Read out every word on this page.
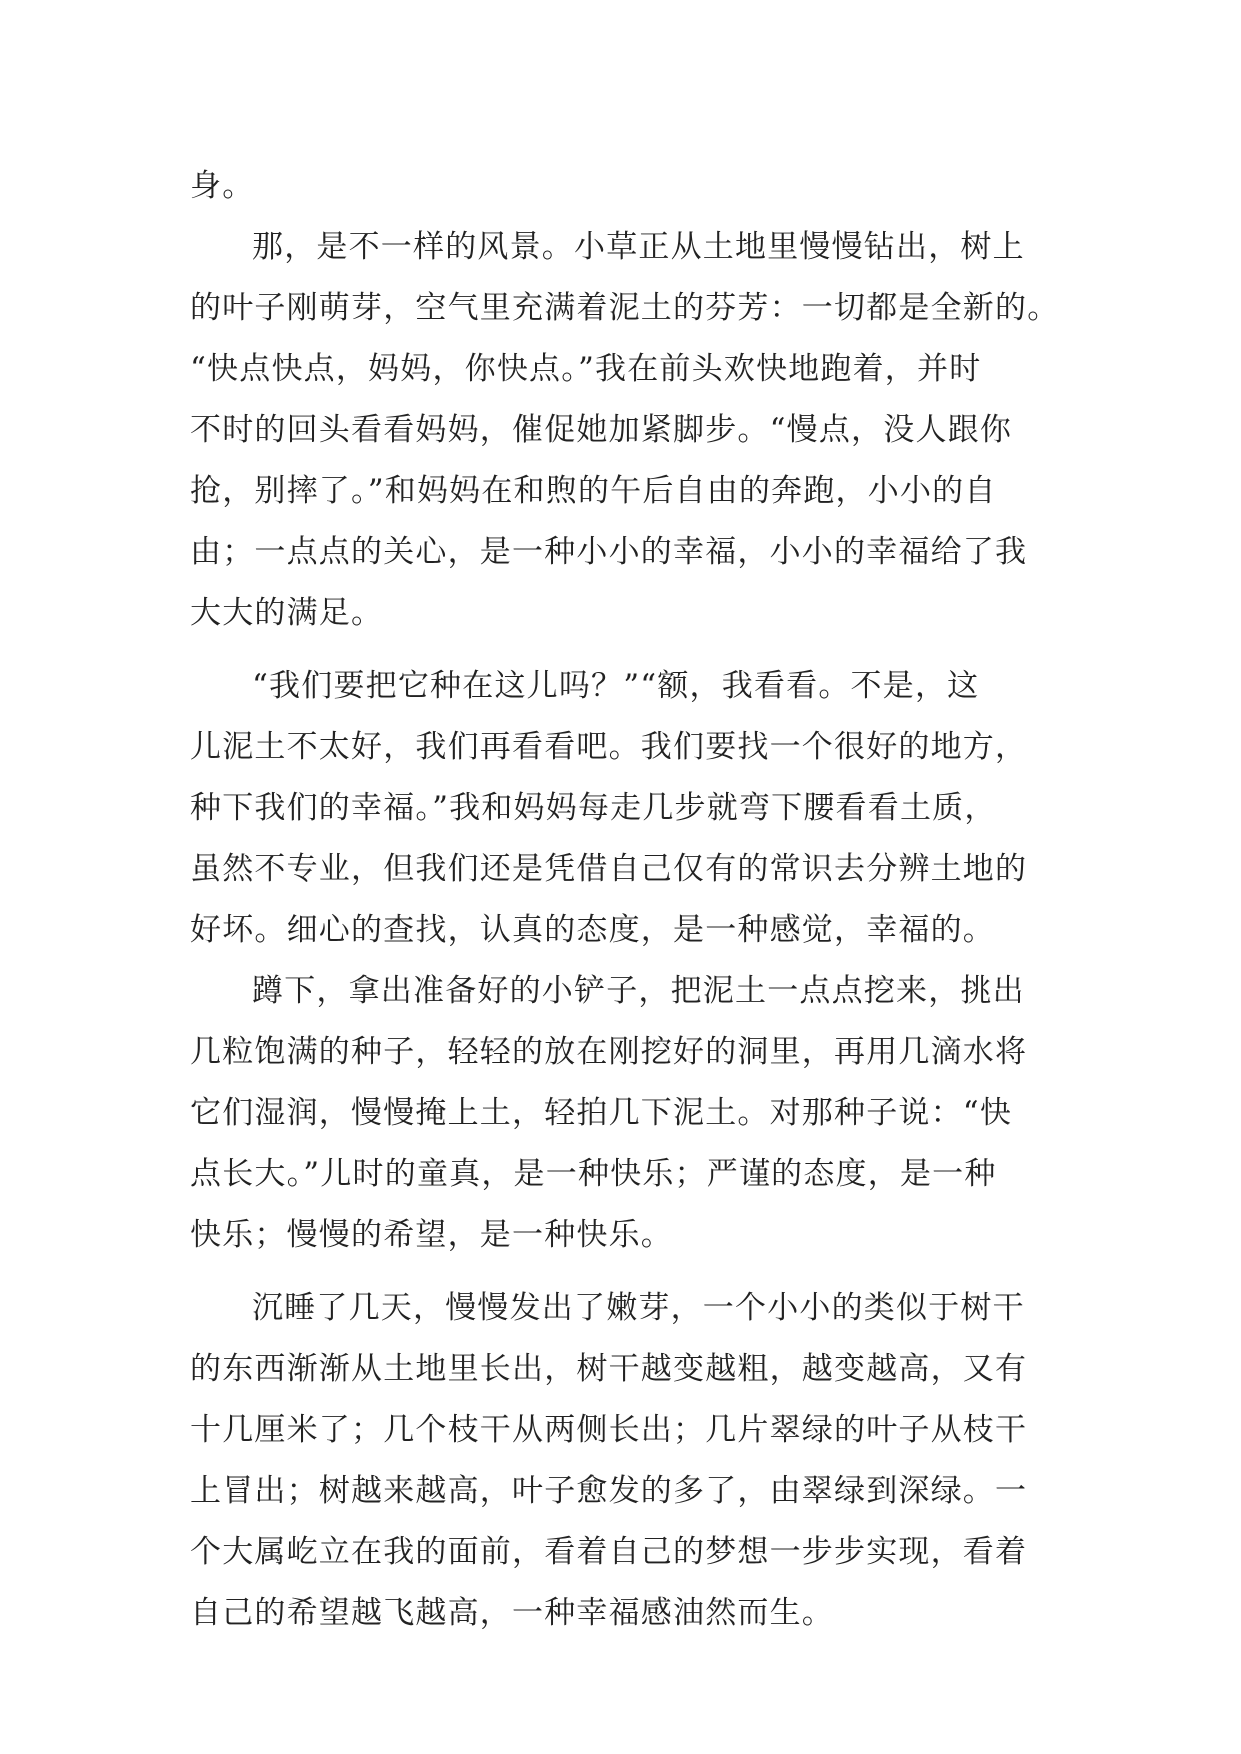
身。
那，是不一样的风景。小草正从土地里慢慢钻出，树上
的叶子刚萌芽，空气里充满着泥土的芬芳：一切都是全新的。
“快点快点，妈妈，你快点。”我在前头欢快地跑着，并时
不时的回头看看妈妈，催促她加紧脚步。“慢点，没人跟你
抢，别摔了。”和妈妈在和煦的午后自由的奔跑，小小的自
由；一点点的关心，是一种小小的幸福，小小的幸福给了我
大大的满足。
“我们要把它种在这儿吗？”“额，我看看。不是，这
儿泥土不太好，我们再看看吧。我们要找一个很好的地方，
种下我们的幸福。”我和妈妈每走几步就弯下腰看看土质，
虽然不专业，但我们还是凭借自己仅有的常识去分辨土地的
好坏。细心的查找，认真的态度，是一种感觉，幸福的。
蹲下，拿出准备好的小铲子，把泥土一点点挖来，挑出
几粒饱满的种子，轻轻的放在刚挖好的洞里，再用几滴水将
它们湿润，慢慢掩上土，轻拍几下泥土。对那种子说：“快
点长大。”儿时的童真，是一种快乐；严谨的态度，是一种
快乐；慢慢的希望，是一种快乐。
沉睡了几天，慢慢发出了嫩芽，一个小小的类似于树干
的东西渐渐从土地里长出，树干越变越粗，越变越高，又有
十几厘米了；几个枝干从两侧长出；几片翠绿的叶子从枝干
上冒出；树越来越高，叶子愈发的多了，由翠绿到深绿。一
个大属屹立在我的面前，看着自己的梦想一步步实现，看着
自己的希望越飞越高，一种幸福感油然而生。
